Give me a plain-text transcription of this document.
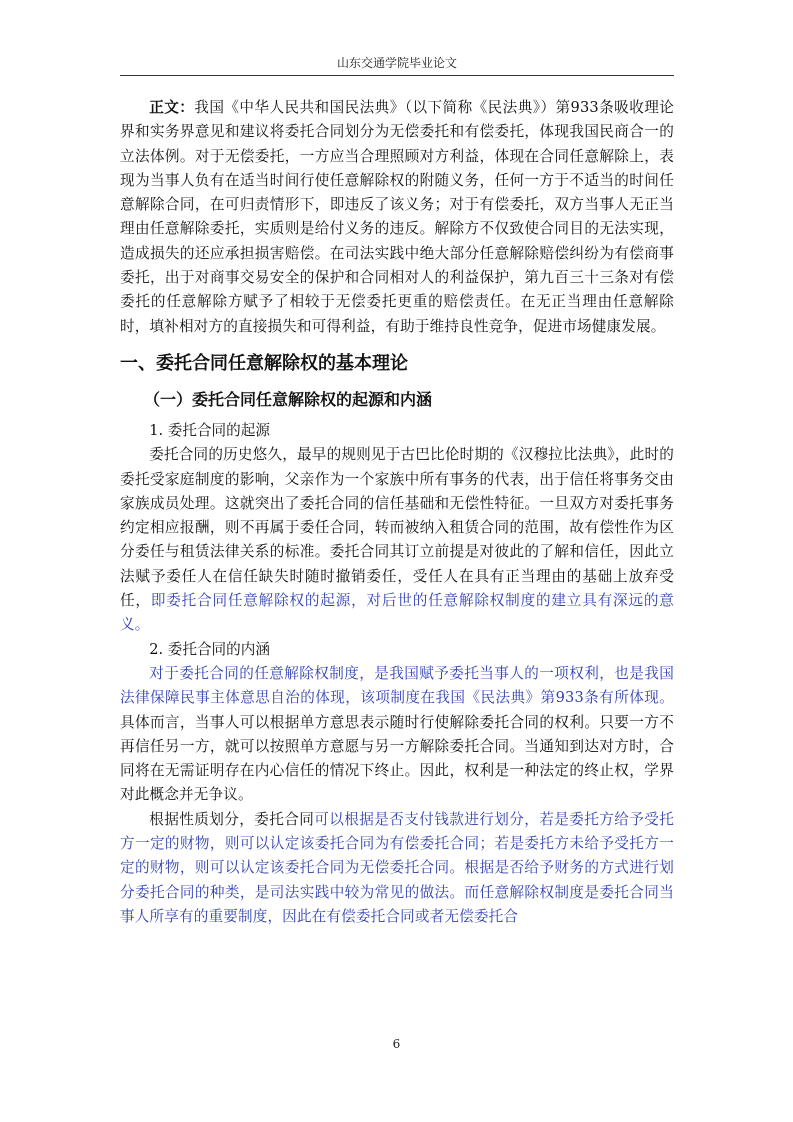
山东交通学院毕业论文

正文：我国《中华人民共和国民法典》（以下简称《民法典》）第933条吸收理论界和实务界意见和建议将委托合同划分为无偿委托和有偿委托，体现我国民商合一的立法体例。对于无偿委托，一方应当合理照顾对方利益，体现在合同任意解除上，表现为当事人负有在适当时间行使任意解除权的附随义务，任何一方于不适当的时间任意解除合同，在可归责情形下，即违反了该义务；对于有偿委托，双方当事人无正当理由任意解除委托，实质则是给付义务的违反。解除方不仅致使合同目的无法实现，造成损失的还应承担损害赔偿。在司法实践中绝大部分任意解除赔偿纠纷为有偿商事委托，出于对商事交易安全的保护和合同相对人的利益保护，第九百三十三条对有偿委托的任意解除方赋予了相较于无偿委托更重的赔偿责任。在无正当理由任意解除时，填补相对方的直接损失和可得利益，有助于维持良性竞争，促进市场健康发展。

一、委托合同任意解除权的基本理论
（一）委托合同任意解除权的起源和内涵

1. 委托合同的起源

委托合同的历史悠久，最早的规则见于古巴比伦时期的《汉穆拉比法典》，此时的委托受家庭制度的影响，父亲作为一个家族中所有事务的代表，出于信任将事务交由家族成员处理。这就突出了委托合同的信任基础和无偿性特征。一旦双方对委托事务约定相应报酬，则不再属于委任合同，转而被纳入租赁合同的范围，故有偿性作为区分委任与租赁法律关系的标准。委托合同其订立前提是对彼此的了解和信任，因此立法赋予委任人在信任缺失时随时撤销委任，受任人在具有正当理由的基础上放弃受任，即委托合同任意解除权的起源，对后世的任意解除权制度的建立具有深远的意义。

2. 委托合同的内涵

对于委托合同的任意解除权制度，是我国赋予委托当事人的一项权利，也是我国法律保障民事主体意思自治的体现，该项制度在我国《民法典》第933条有所体现。具体而言，当事人可以根据单方意思表示随时行使解除委托合同的权利。只要一方不再信任另一方，就可以按照单方意愿与另一方解除委托合同。当通知到达对方时，合同将在无需证明存在内心信任的情况下终止。因此，权利是一种法定的终止权，学界对此概念并无争议。

根据性质划分，委托合同可以根据是否支付钱款进行划分，若是委托方给予受托方一定的财物，则可以认定该委托合同为有偿委托合同；若是委托方未给予受托方一定的财物，则可以认定该委托合同为无偿委托合同。根据是否给予财务的方式进行划分委托合同的种类，是司法实践中较为常见的做法。而任意解除权制度是委托合同当事人所享有的重要制度，因此在有偿委托合同或者无偿委托合

6
